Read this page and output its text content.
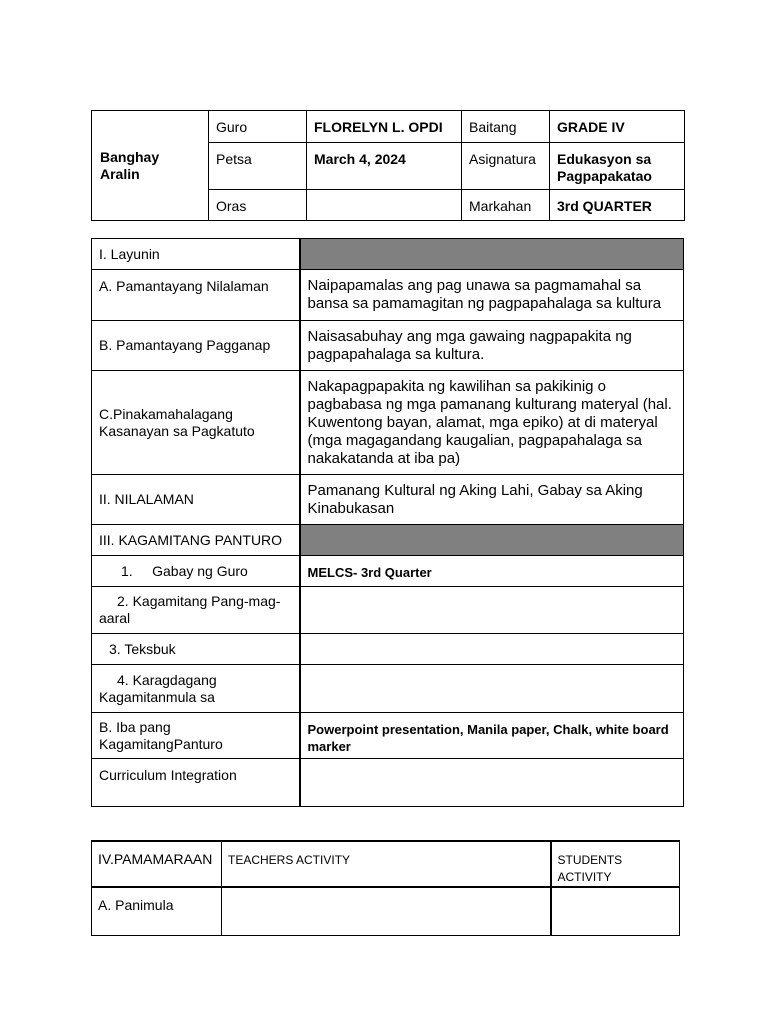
Banghay Aralin	Guro	FLORELYN L. OPDI	Baitang	GRADE IV
	Petsa	March 4, 2024	Asignatura	Edukasyon sa Pagpapakatao
	Oras		Markahan	3rd QUARTER
I. Layunin	
A. Pamantayang Nilalaman	Naipapamalas ang pag unawa sa pagmamahal sa bansa sa pamamagitan ng pagpapahalaga sa kultura
B. Pamantayang Pagganap	Naisasabuhay ang mga gawaing nagpapakita ng pagpapahalaga sa kultura.
C.Pinakamahalagang Kasanayan sa Pagkatuto	Nakapagpapakita ng kawilihan sa pakikinig o pagbabasa ng mga pamanang kulturang materyal (hal. Kuwentong bayan, alamat, mga epiko) at di materyal (mga magagandang kaugalian, pagpapahalaga sa nakakatanda at iba pa)
II. NILALAMAN	Pamanang Kultural ng Aking Lahi, Gabay sa Aking Kinabukasan
III. KAGAMITANG PANTURO	
1.     Gabay ng Guro	MELCS- 3rd Quarter
2. Kagamitang Pang-mag-aaral	
3. Teksbuk	
4. Karagdagang Kagamitanmula sa	
B. Iba pang KagamitangPanturo	Powerpoint presentation, Manila paper, Chalk, white board marker
Curriculum Integration	
IV.PAMAMARAAN	TEACHERS ACTIVITY	STUDENTS ACTIVITY
A. Panimula		
